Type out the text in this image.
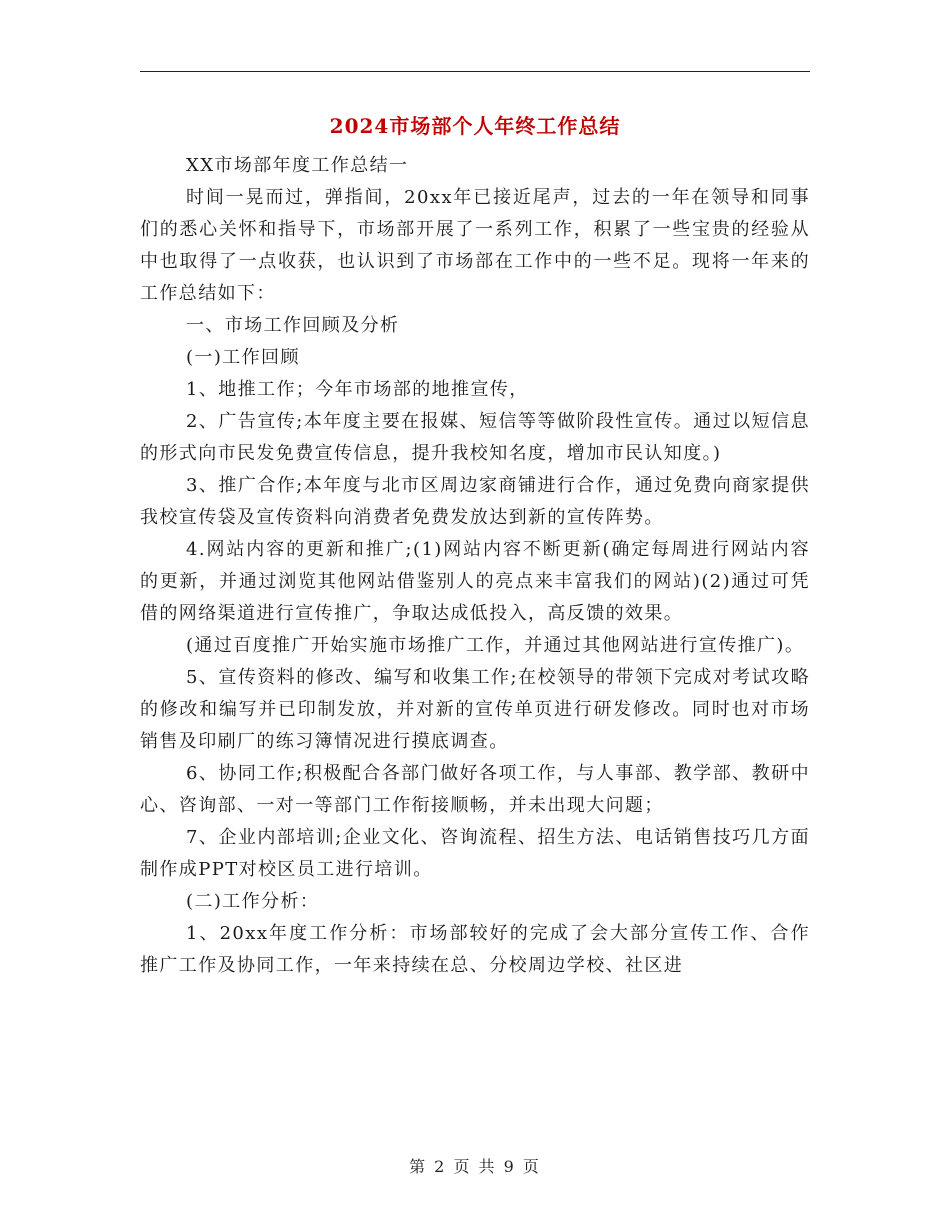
2024市场部个人年终工作总结

XX市场部年度工作总结一

时间一晃而过，弹指间，20xx年已接近尾声，过去的一年在领导和同事们的悉心关怀和指导下，市场部开展了一系列工作，积累了一些宝贵的经验从中也取得了一点收获，也认识到了市场部在工作中的一些不足。现将一年来的工作总结如下：

一、市场工作回顾及分析

(一)工作回顾

1、地推工作；今年市场部的地推宣传，

2、广告宣传;本年度主要在报媒、短信等等做阶段性宣传。通过以短信息的形式向市民发免费宣传信息，提升我校知名度，增加市民认知度。)

3、推广合作;本年度与北市区周边家商铺进行合作，通过免费向商家提供我校宣传袋及宣传资料向消费者免费发放达到新的宣传阵势。

4.网站内容的更新和推广;(1)网站内容不断更新(确定每周进行网站内容的更新，并通过浏览其他网站借鉴别人的亮点来丰富我们的网站)(2)通过可凭借的网络渠道进行宣传推广，争取达成低投入，高反馈的效果。

(通过百度推广开始实施市场推广工作，并通过其他网站进行宣传推广)。

5、宣传资料的修改、编写和收集工作;在校领导的带领下完成对考试攻略的修改和编写并已印制发放，并对新的宣传单页进行研发修改。同时也对市场销售及印刷厂的练习簿情况进行摸底调查。

6、协同工作;积极配合各部门做好各项工作，与人事部、教学部、教研中心、咨询部、一对一等部门工作衔接顺畅，并未出现大问题；

7、企业内部培训;企业文化、咨询流程、招生方法、电话销售技巧几方面制作成PPT对校区员工进行培训。

(二)工作分析：

1、20xx年度工作分析：市场部较好的完成了会大部分宣传工作、合作推广工作及协同工作，一年来持续在总、分校周边学校、社区进

第 2 页 共 9 页
